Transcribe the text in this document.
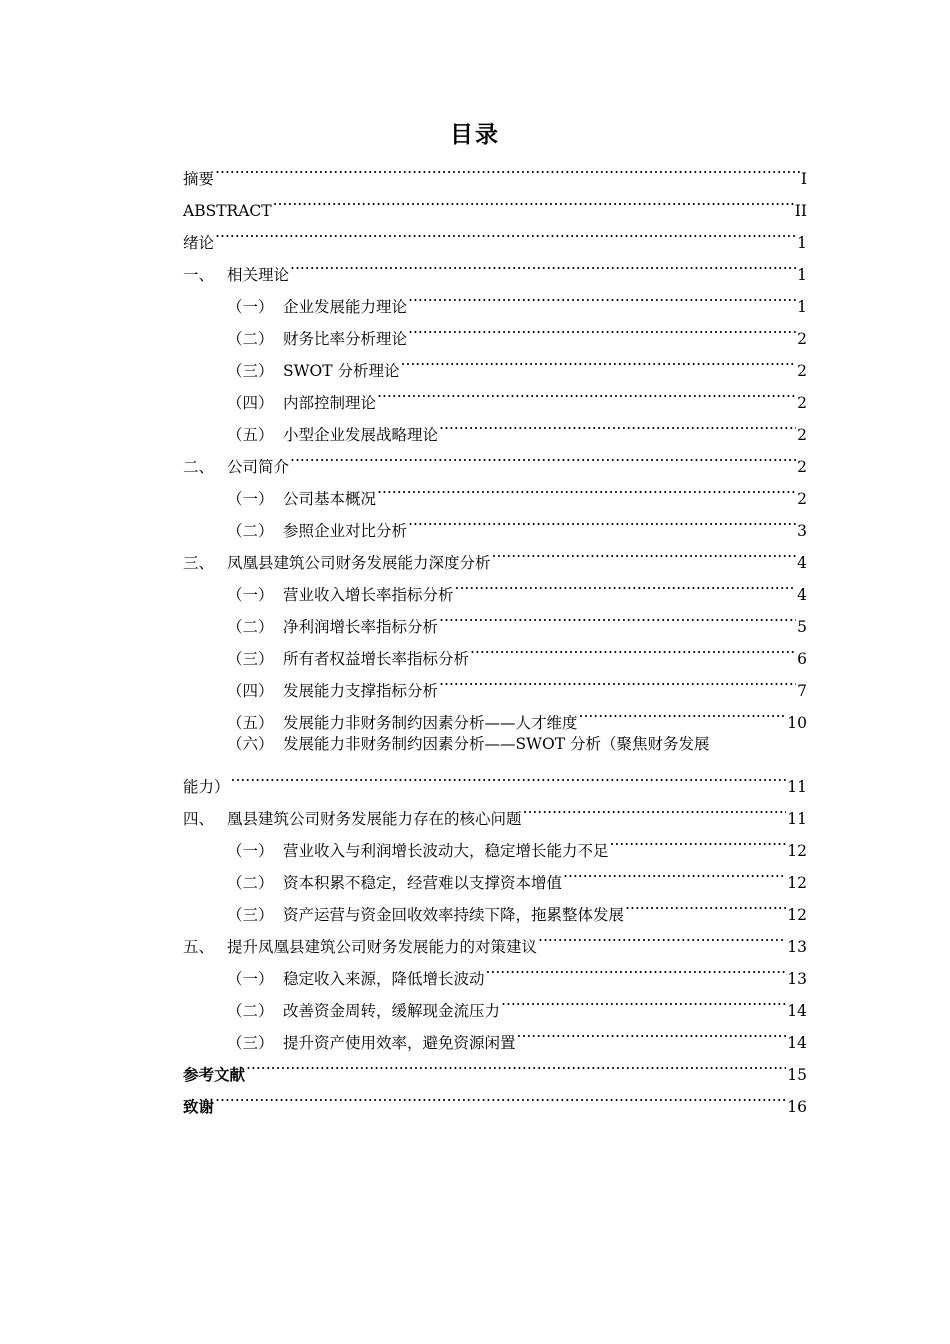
目录
摘要 .....	I
ABSTRACT .....	II
绪论 .....	1
一、 相关理论 .....	1
（一） 企业发展能力理论 .....	1
（二） 财务比率分析理论 .....	2
（三） SWOT 分析理论 .....	2
（四） 内部控制理论 .....	2
（五） 小型企业发展战略理论 .....	2
二、 公司简介 .....	2
（一） 公司基本概况 .....	2
（二） 参照企业对比分析 .....	3
三、 凤凰县建筑公司财务发展能力深度分析 .....	4
（一） 营业收入增长率指标分析 .....	4
（二） 净利润增长率指标分析 .....	5
（三） 所有者权益增长率指标分析 .....	6
（四） 发展能力支撑指标分析 .....	7
（五） 发展能力非财务制约因素分析——人才维度 .....	10
（六） 发展能力非财务制约因素分析——SWOT 分析（聚焦财务发展
能力） .....	11
四、 凰县建筑公司财务发展能力存在的核心问题 .....	11
（一） 营业收入与利润增长波动大，稳定增长能力不足 .....	12
（二） 资本积累不稳定，经营难以支撑资本增值 .....	12
（三） 资产运营与资金回收效率持续下降，拖累整体发展 .....	12
五、 提升凤凰县建筑公司财务发展能力的对策建议 .....	13
（一） 稳定收入来源，降低增长波动 .....	13
（二） 改善资金周转，缓解现金流压力 .....	14
（三） 提升资产使用效率，避免资源闲置 .....	14
参考文献 .....	15
致谢 .....	16
